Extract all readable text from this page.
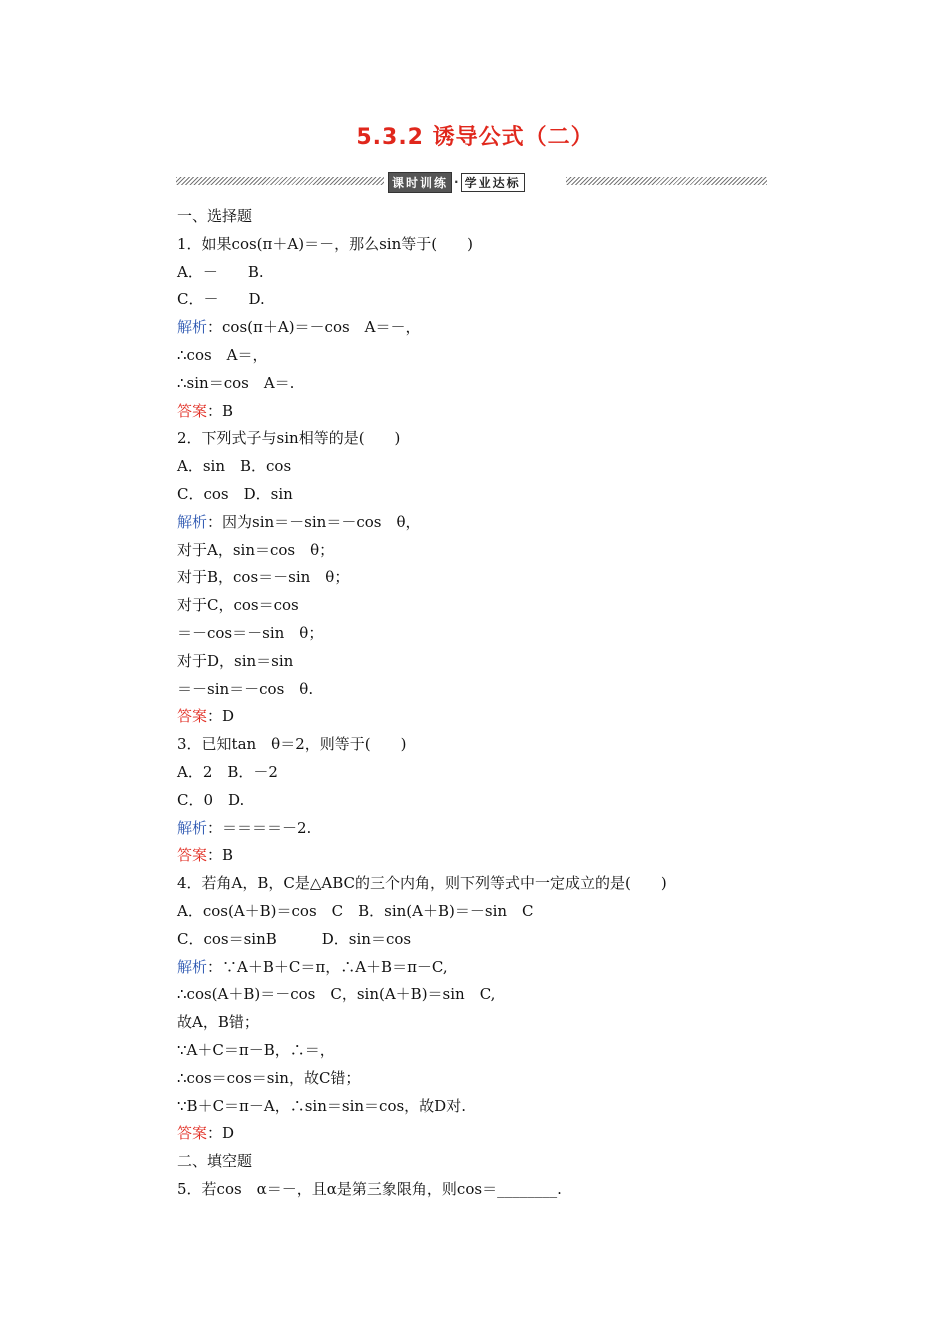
5.3.2 诱导公式（二）
课时训练 · 学业达标
一、选择题
1．如果cos(π＋A)＝－，那么sin等于(　　)
A．－　　B.
C．－　　D.
解析：cos(π＋A)＝－cos　A＝－，
∴cos　A＝，
∴sin＝cos　A＝.
答案：B
2．下列式子与sin相等的是(　　)
A．sin　B．cos
C．cos　D．sin
解析：因为sin＝－sin＝－cos　θ，
对于A，sin＝cos　θ；
对于B，cos＝－sin　θ；
对于C，cos＝cos
＝－cos＝－sin　θ；
对于D，sin＝sin
＝－sin＝－cos　θ.
答案：D
3．已知tan　θ＝2，则等于(　　)
A．2　B．－2
C．0　D.
解析：＝＝＝＝－2.
答案：B
4．若角A，B，C是△ABC的三个内角，则下列等式中一定成立的是(　　)
A．cos(A＋B)＝cos　C　B．sin(A＋B)＝－sin　C
C．cos＝sinB　　　D．sin＝cos
解析：∵A＋B＋C＝π，∴A＋B＝π－C,
∴cos(A＋B)＝－cos　C，sin(A＋B)＝sin　C,
故A，B错；
∵A＋C＝π－B，∴＝，
∴cos＝cos＝sin，故C错；
∵B＋C＝π－A，∴sin＝sin＝cos，故D对.
答案：D
二、填空题
5．若cos　α＝－，且α是第三象限角，则cos＝________.
